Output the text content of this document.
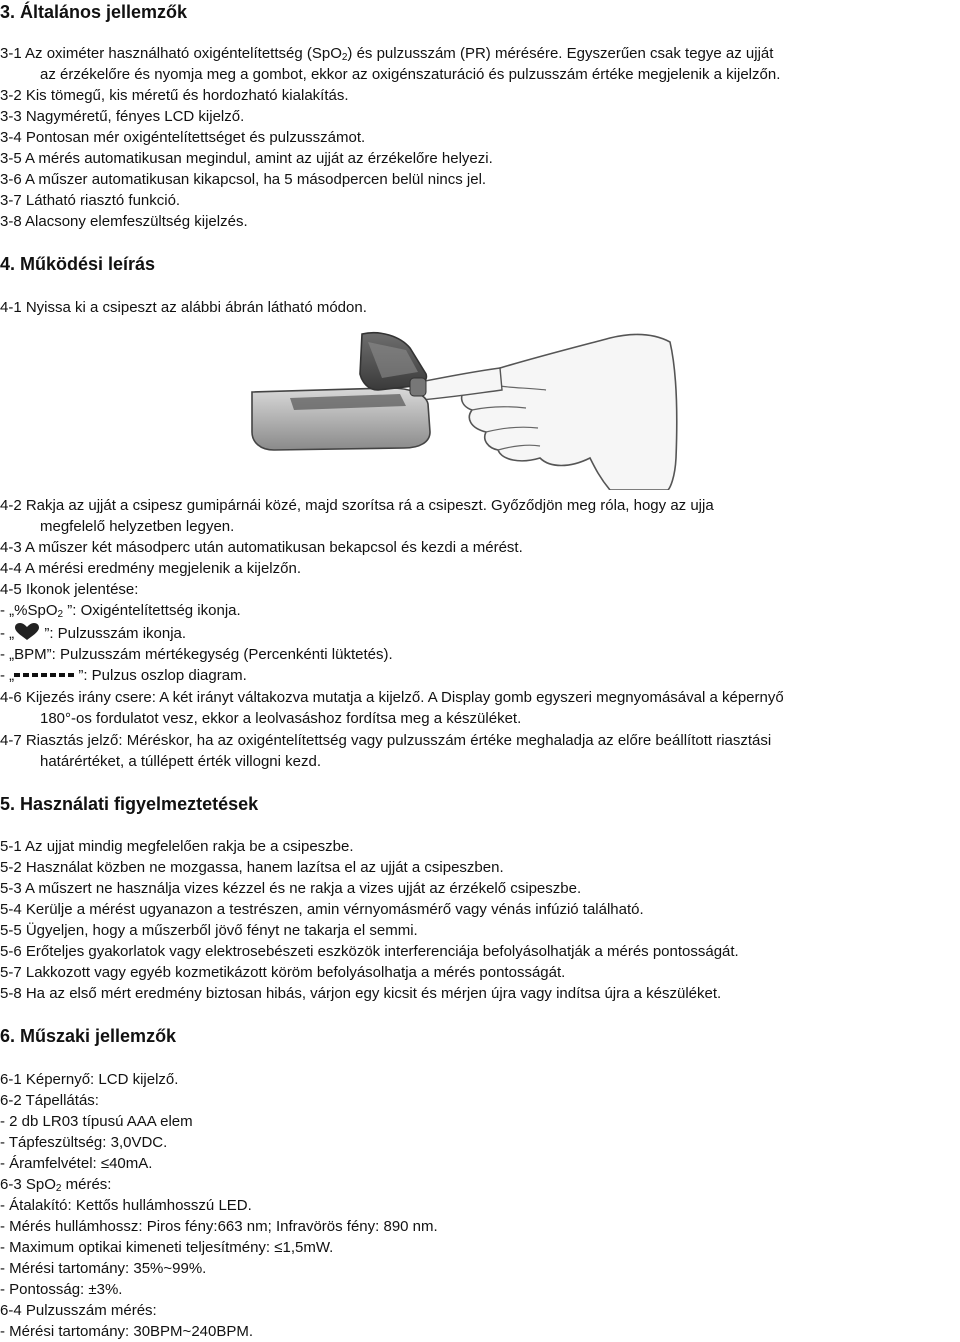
3. Általános jellemzők
3-1 Az oximéter használható oxigéntelítettség (SpO$_2$) és pulzusszám (PR) mérésére. Egyszerűen csak tegye az ujját
az érzékelőre és nyomja meg a gombot, ekkor az oxigénszaturáció és pulzusszám értéke megjelenik a kijelzőn.
3-2 Kis tömegű, kis méretű és hordozható kialakítás.
3-3 Nagyméretű, fényes LCD kijelző.
3-4 Pontosan mér oxigéntelítettséget és pulzusszámot.
3-5 A mérés automatikusan megindul, amint az ujját az érzékelőre helyezi.
3-6 A műszer automatikusan kikapcsol, ha 5 másodpercen belül nincs jel.
3-7 Látható riasztó funkció.
3-8 Alacsony elemfeszültség kijelzés.
4. Működési leírás
4-1 Nyissa ki a csipeszt az alábbi ábrán látható módon.
4-2 Rakja az ujját a csipesz gumipárnái közé, majd szorítsa rá a csipeszt. Győződjön meg róla, hogy az ujja
megfelelő helyzetben legyen.
4-3 A műszer két másodperc után automatikusan bekapcsol és kezdi a mérést.
4-4 A mérési eredmény megjelenik a kijelzőn.
4-5 Ikonok jelentése:
- „%SpO$_2$ ”: Oxigéntelítettség ikonja.
- „ ”: Pulzusszám ikonja.
- „BPM”: Pulzusszám mértékegység (Percenkénti lüktetés).
- „	”: Pulzus oszlop diagram.
4-6 Kijezés irány csere: A két irányt váltakozva mutatja a kijelző. A Display gomb egyszeri megnyomásával a képernyő
180°-os fordulatot vesz, ekkor a leolvasáshoz fordítsa meg a készüléket.
4-7 Riasztás jelző: Méréskor, ha az oxigéntelítettség vagy pulzusszám értéke meghaladja az előre beállított riasztási
határértéket, a túllépett érték villogni kezd.
5. Használati figyelmeztetések
5-1 Az ujjat mindig megfelelően rakja be a csipeszbe.
5-2 Használat közben ne mozgassa, hanem lazítsa el az ujját a csipeszben.
5-3 A műszert ne használja vizes kézzel és ne rakja a vizes ujját az érzékelő csipeszbe.
5-4 Kerülje a mérést ugyanazon a testrészen, amin vérnyomásmérő vagy vénás infúzió található.
5-5 Ügyeljen, hogy a műszerből jövő fényt ne takarja el semmi.
5-6 Erőteljes gyakorlatok vagy elektrosebészeti eszközök interferenciája befolyásolhatják a mérés pontosságát.
5-7 Lakkozott vagy egyéb kozmetikázott köröm befolyásolhatja a mérés pontosságát.
5-8 Ha az első mért eredmény biztosan hibás, várjon egy kicsit és mérjen újra vagy indítsa újra a készüléket.
6. Műszaki jellemzők
6-1 Képernyő: LCD kijelző.
6-2 Tápellátás:
- 2 db LR03 típusú AAA elem
- Tápfeszültség: 3,0VDC.
- Áramfelvétel: ≤40mA.
6-3 SpO$_2$ mérés:
- Átalakító: Kettős hullámhosszú LED.
- Mérés hullámhossz: Piros fény:663 nm; Infravörös fény: 890 nm.
- Maximum optikai kimeneti teljesítmény: ≤1,5mW.
- Mérési tartomány: 35%~99%.
- Pontosság: ±3%.
6-4 Pulzusszám mérés:
- Mérési tartomány: 30BPM~240BPM.
